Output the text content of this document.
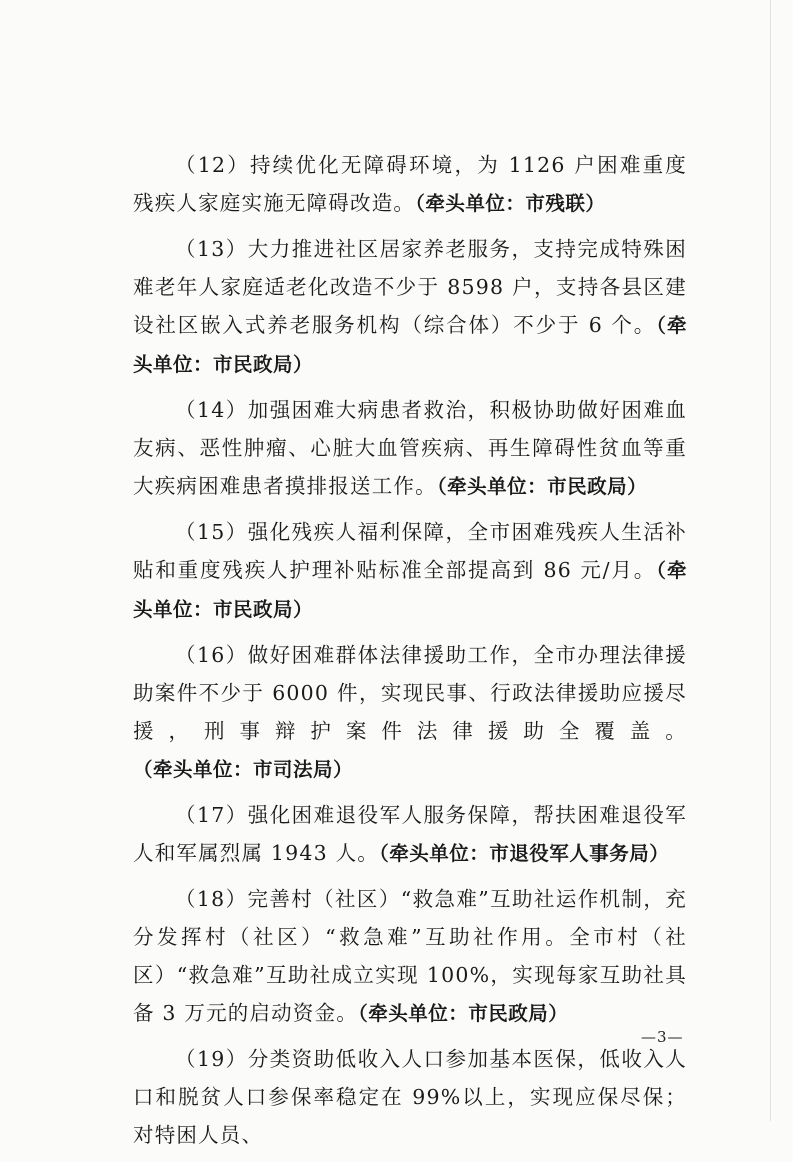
（12）持续优化无障碍环境，为 1126 户困难重度残疾人家庭实施无障碍改造。（牵头单位：市残联）

（13）大力推进社区居家养老服务，支持完成特殊困难老年人家庭适老化改造不少于 8598 户，支持各县区建设社区嵌入式养老服务机构（综合体）不少于 6 个。（牵头单位：市民政局）

（14）加强困难大病患者救治，积极协助做好困难血友病、恶性肿瘤、心脏大血管疾病、再生障碍性贫血等重大疾病困难患者摸排报送工作。（牵头单位：市民政局）

（15）强化残疾人福利保障，全市困难残疾人生活补贴和重度残疾人护理补贴标准全部提高到 86 元/月。（牵头单位：市民政局）

（16）做好困难群体法律援助工作，全市办理法律援助案件不少于 6000 件，实现民事、行政法律援助应援尽援，刑事辩护案件法律援助全覆盖。（牵头单位：市司法局）

（17）强化困难退役军人服务保障，帮扶困难退役军人和军属烈属 1943 人。（牵头单位：市退役军人事务局）

（18）完善村（社区）“救急难”互助社运作机制，充分发挥村（社区）“救急难”互助社作用。全市村（社区）“救急难”互助社成立实现 100%，实现每家互助社具备 3 万元的启动资金。（牵头单位：市民政局）

（19）分类资助低收入人口参加基本医保，低收入人口和脱贫人口参保率稳定在 99%以上，实现应保尽保；对特困人员、

—3—
